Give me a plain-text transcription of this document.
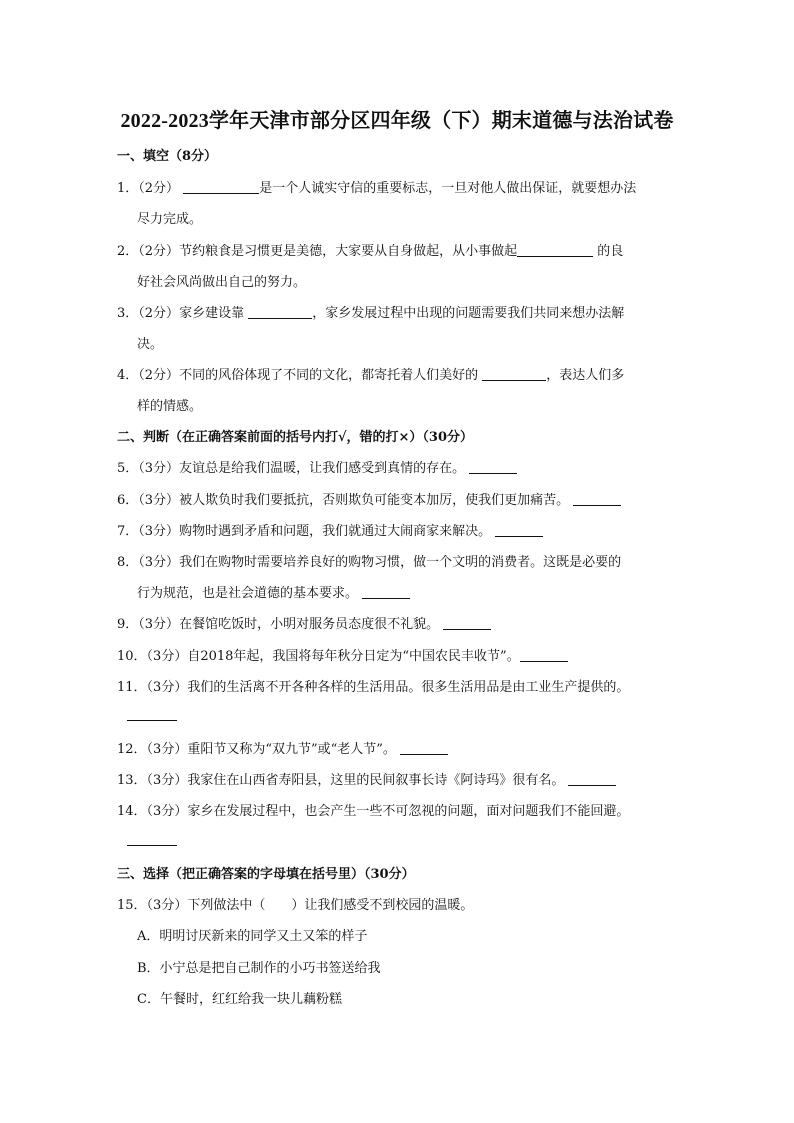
2022-2023学年天津市部分区四年级（下）期末道德与法治试卷

一、填空（8分）

1．（2分）	是一个人诚实守信的重要标志，一旦对他人做出保证，就要想办法

尽力完成。

2．（2分）节约粮食是习惯更是美德，大家要从自身做起，从小事做起	的良

好社会风尚做出自己的努力。

3．（2分）家乡建设靠	，家乡发展过程中出现的问题需要我们共同来想办法解

决。

4．（2分）不同的风俗体现了不同的文化，都寄托着人们美好的	，表达人们多

样的情感。

二、判断（在正确答案前面的括号内打√，错的打×）（30分）

5．（3分）友谊总是给我们温暖，让我们感受到真情的存在。

6．（3分）被人欺负时我们要抵抗，否则欺负可能变本加厉，使我们更加痛苦。

7．（3分）购物时遇到矛盾和问题，我们就通过大闹商家来解决。

8．（3分）我们在购物时需要培养良好的购物习惯，做一个文明的消费者。这既是必要的

行为规范，也是社会道德的基本要求。

9．（3分）在餐馆吃饭时，小明对服务员态度很不礼貌。

10．（3分）自2018年起，我国将每年秋分日定为“中国农民丰收节”。

11．（3分）我们的生活离不开各种各样的生活用品。很多生活用品是由工业生产提供的。

12．（3分）重阳节又称为“双九节”或“老人节”。

13．（3分）我家住在山西省寿阳县，这里的民间叙事长诗《阿诗玛》很有名。

14．（3分）家乡在发展过程中，也会产生一些不可忽视的问题，面对问题我们不能回避。

三、选择（把正确答案的字母填在括号里）（30分）

15．（3分）下列做法中（　　）让我们感受不到校园的温暖。

A．明明讨厌新来的同学又土又笨的样子

B．小宁总是把自己制作的小巧书签送给我

C．午餐时，红红给我一块儿藕粉糕
